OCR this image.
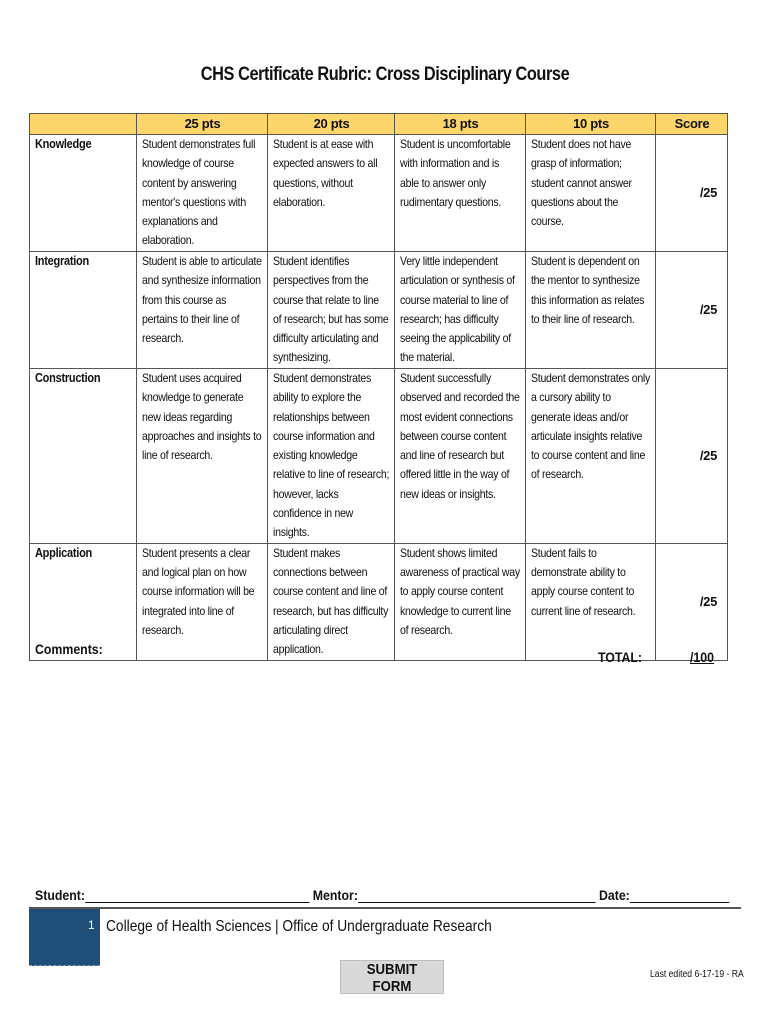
CHS Certificate Rubric: Cross Disciplinary Course
	25 pts	20 pts	18 pts	10 pts	Score

Knowledge	Student demonstrates full knowledge of course content by answering mentor's questions with explanations and elaboration.	Student is at ease with expected answers to all questions, without elaboration.	Student is uncomfortable with information and is able to answer only rudimentary questions.	Student does not have grasp of information; student cannot answer questions about the course.	/25

Integration	Student is able to articulate and synthesize information from this course as pertains to their line of research.	Student identifies perspectives from the course that relate to line of research; but has some difficulty articulating and synthesizing.	Very little independent articulation or synthesis of course material to line of research; has difficulty seeing the applicability of the material.	Student is dependent on the mentor to synthesize this information as relates to their line of research.	/25

Construction	Student uses acquired knowledge to generate new ideas regarding approaches and insights to line of research.	Student demonstrates ability to explore the relationships between course information and existing knowledge relative to line of research; however, lacks confidence in new insights.	Student successfully observed and recorded the most evident connections between course content and line of research but offered little in the way of new ideas or insights.	Student demonstrates only a cursory ability to generate ideas and/or articulate insights relative to course content and line of research.	/25

Application	Student presents a clear and logical plan on how course information will be integrated into line of research.	Student makes connections between course content and line of research, but has difficulty articulating direct application.	Student shows limited awareness of practical way to apply course content knowledge to current line of research.	Student fails to demonstrate ability to apply course content to current line of research.	/25
Comments:	TOTAL:	/100
Student:	Mentor:	Date:
1 College of Health Sciences | Office of Undergraduate Research
SUBMIT FORM
Last edited 6-17-19 - RA
